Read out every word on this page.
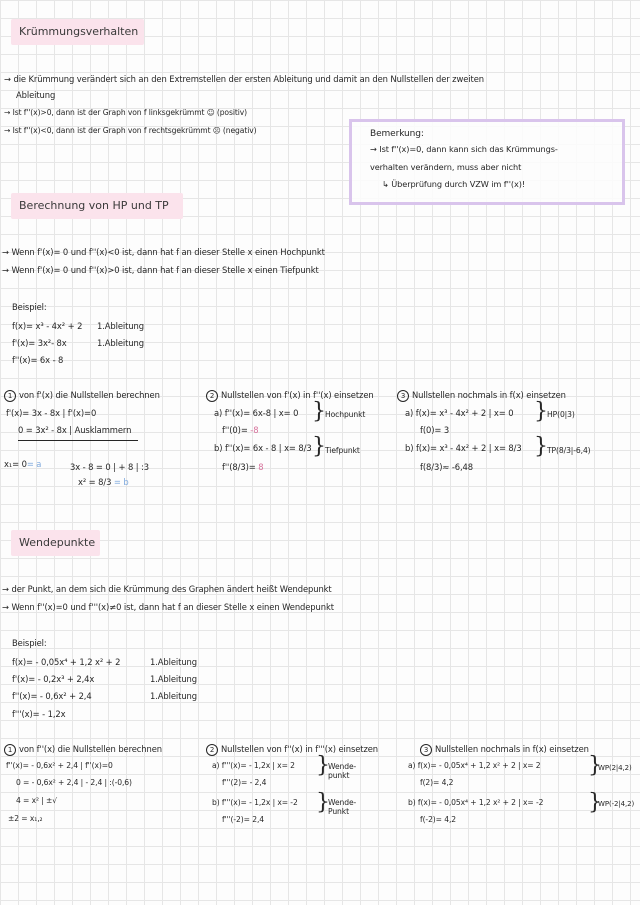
Krümmungsverhalten
→ die Krümmung verändert sich an den Extremstellen der ersten Ableitung und damit an den Nullstellen der zweiten
Ableitung
→ Ist f''(x)>0, dann ist der Graph von f linksgekrümmt ☺ (positiv)
→ Ist f''(x)<0, dann ist der Graph von f rechtsgekrümmt ☹ (negativ)	Bemerkung:
→ Ist f''(x)=0, dann kann sich das Krümmungs-
verhalten verändern, muss aber nicht
↳ Überprüfung durch VZW im f''(x)!
Berechnung von HP und TP
→ Wenn f'(x)= 0 und f''(x)<0 ist, dann hat f an dieser Stelle x einen Hochpunkt
→ Wenn f'(x)= 0 und f''(x)>0 ist, dann hat f an dieser Stelle x einen Tiefpunkt
Beispiel:
f(x)= x³ - 4x² + 2
f'(x)= 3x²- 8x
f''(x)= 6x - 8
1.Ableitung
1.Ableitung
1 von f'(x) die Nullstellen berechnen
f'(x)= 3x - 8x | f'(x)=0
0 = 3x² - 8x | Ausklammern
x₁= 0= a	3x - 8 = 0 | + 8 | :3
x² = 8/3 = b
2 Nullstellen von f'(x) in f''(x) einsetzen
a) f''(x)= 6x-8 | x= 0
f''(0)= -8
} Hochpunkt
b) f''(x)= 6x - 8 | x= 8/3
f''(8/3)= 8
} Tiefpunkt
3 Nullstellen nochmals in f(x) einsetzen
a) f(x)= x³ - 4x² + 2 | x= 0
f(0)= 3
} HP(0|3)
b) f(x)= x³ - 4x² + 2 | x= 8/3
f(8/3)≈ -6,48
} TP(8/3|-6,4)
Wendepunkte
→ der Punkt, an dem sich die Krümmung des Graphen ändert heißt Wendepunkt
→ Wenn f''(x)=0 und f'''(x)≠0 ist, dann hat f an dieser Stelle x einen Wendepunkt
Beispiel:
f(x)= - 0,05x⁴ + 1,2 x² + 2
f'(x)= - 0,2x³ + 2,4x
f''(x)= - 0,6x² + 2,4
f'''(x)= - 1,2x
1.Ableitung
1.Ableitung
1.Ableitung
1 von f''(x) die Nullstellen berechnen
f''(x)= - 0,6x² + 2,4 | f''(x)=0
0 = - 0,6x² + 2,4 | - 2,4 | :(-0,6)
4 = x² | ±√
±2 = x₁,₂
2 Nullstellen von f''(x) in f'''(x) einsetzen
a) f'''(x)= - 1,2x | x= 2
f'''(2)= - 2,4
}
Wende-punkt
b) f'''(x)= - 1,2x | x= -2
f'''(-2)= 2,4
}
Wende-Punkt
3 Nullstellen nochmals in f(x) einsetzen
a) f(x)= - 0,05x⁴ + 1,2 x² + 2 | x= 2
f(2)= 4,2
}
WP(2|4,2)
b) f(x)= - 0,05x⁴ + 1,2 x² + 2 | x= -2
f(-2)= 4,2
}
WP(-2|4,2)
